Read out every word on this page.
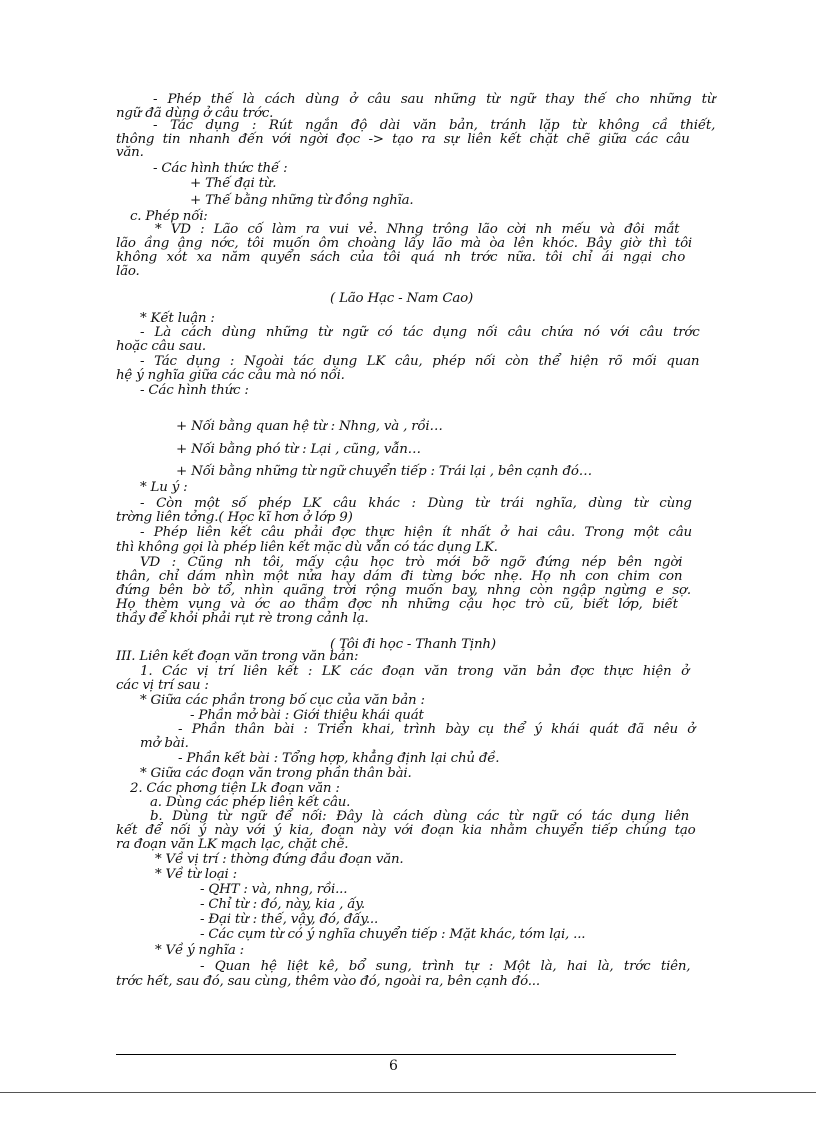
- Phép thế là cách dùng ở câu sau những từ ngữ thay thế cho những từ
ngữ đã dùng ở câu trớc.
- Tác dụng : Rút ngắn độ dài văn bản, tránh lặp từ không cầ thiết,
thông tin nhanh đến với ngời đọc -> tạo ra sự liên kết chặt chẽ giữa các câu
văn.
- Các hình thức thế :
+ Thế đại từ.
+ Thế bằng những từ đồng nghĩa.
c. Phép nối:
* VD : Lão cố làm ra vui vẻ. Nhng trông lão cời nh mếu và đôi mắt
lão ầng ậng nớc, tôi muốn ôm choàng lấy lão mà òa lên khóc. Bây giờ thì tôi
không xót xa năm quyển sách của tôi quá nh trớc nữa. tôi chỉ ái ngại cho
lão.
( Lão Hạc - Nam Cao)
* Kết luận :
- Là cách dùng những từ ngữ có tác dụng nối câu chứa nó với câu trớc
hoặc câu sau.
- Tác dụng : Ngoài tác dụng LK câu, phép nối còn thể hiện rõ mối quan
hệ ý nghĩa giữa các câu mà nó nối.
- Các hình thức :
+ Nối bằng quan hệ từ : Nhng, và , rồi…
+ Nối bằng phó từ : Lại , cũng, vẫn…
+ Nối bằng những từ ngữ chuyển tiếp : Trái lại , bên cạnh đó…
* Lu ý :
- Còn một số phép LK câu khác : Dùng từ trái nghĩa, dùng từ cùng
trờng liên tởng.( Học kĩ hơn ở lớp 9)
- Phép liên kết câu phải đợc thực hiện ít nhất ở hai câu. Trong một câu
thì không gọi là phép liên kết mặc dù vẫn có tác dụng LK.
VD : Cũng nh tôi, mấy cậu học trò mới bỡ ngỡ đứng nép bên ngời
thân, chỉ dám nhìn một nửa hay dám đi từng bớc nhẹ. Họ nh con chim con
đứng bên bờ tổ, nhìn quãng trời rộng muốn bay, nhng còn ngập ngừng e sợ.
Họ thèm vụng và ớc ao thầm đợc nh những cậu học trò cũ, biết lớp, biết
thầy để khỏi phải rụt rè trong cảnh lạ.
( Tôi đi học - Thanh Tịnh)
III. Liên kết đoạn văn trong văn bản:
1. Các vị trí liên kết : LK các đoạn văn trong văn bản đợc thực hiện ở
các vị trí sau :
* Giữa các phần trong bố cục của văn bản :
- Phần mở bài : Giới thiệu khái quát
- Phần thân bài : Triển khai, trình bày cụ thể ý khái quát đã nêu ở
mở bài.
- Phần kết bài : Tổng hợp, khẳng định lại chủ đề.
* Giữa các đoạn văn trong phần thân bài.
2. Các phơng tiện Lk đoạn văn :
a. Dùng các phép liên kết câu.
b. Dùng từ ngữ để nối: Đây là cách dùng các từ ngữ có tác dụng liên
kết để nối ý này với ý kia, đoạn này với đoạn kia nhằm chuyển tiếp chúng tạo
ra đoạn văn LK mạch lạc, chặt chẽ.
* Về vị trí : thờng đứng đầu đoạn văn.
* Về từ loại :
- QHT : và, nhng, rồi...
- Chỉ từ : đó, này, kia , ấy.
- Đại từ : thế, vậy, đó, đấy...
- Các cụm từ có ý nghĩa chuyển tiếp : Mặt khác, tóm lại, ...
* Về ý nghĩa :
- Quan hệ liệt kê, bổ sung, trình tự : Một là, hai là, trớc tiên,
trớc hết, sau đó, sau cùng, thêm vào đó, ngoài ra, bên cạnh đó...
6
